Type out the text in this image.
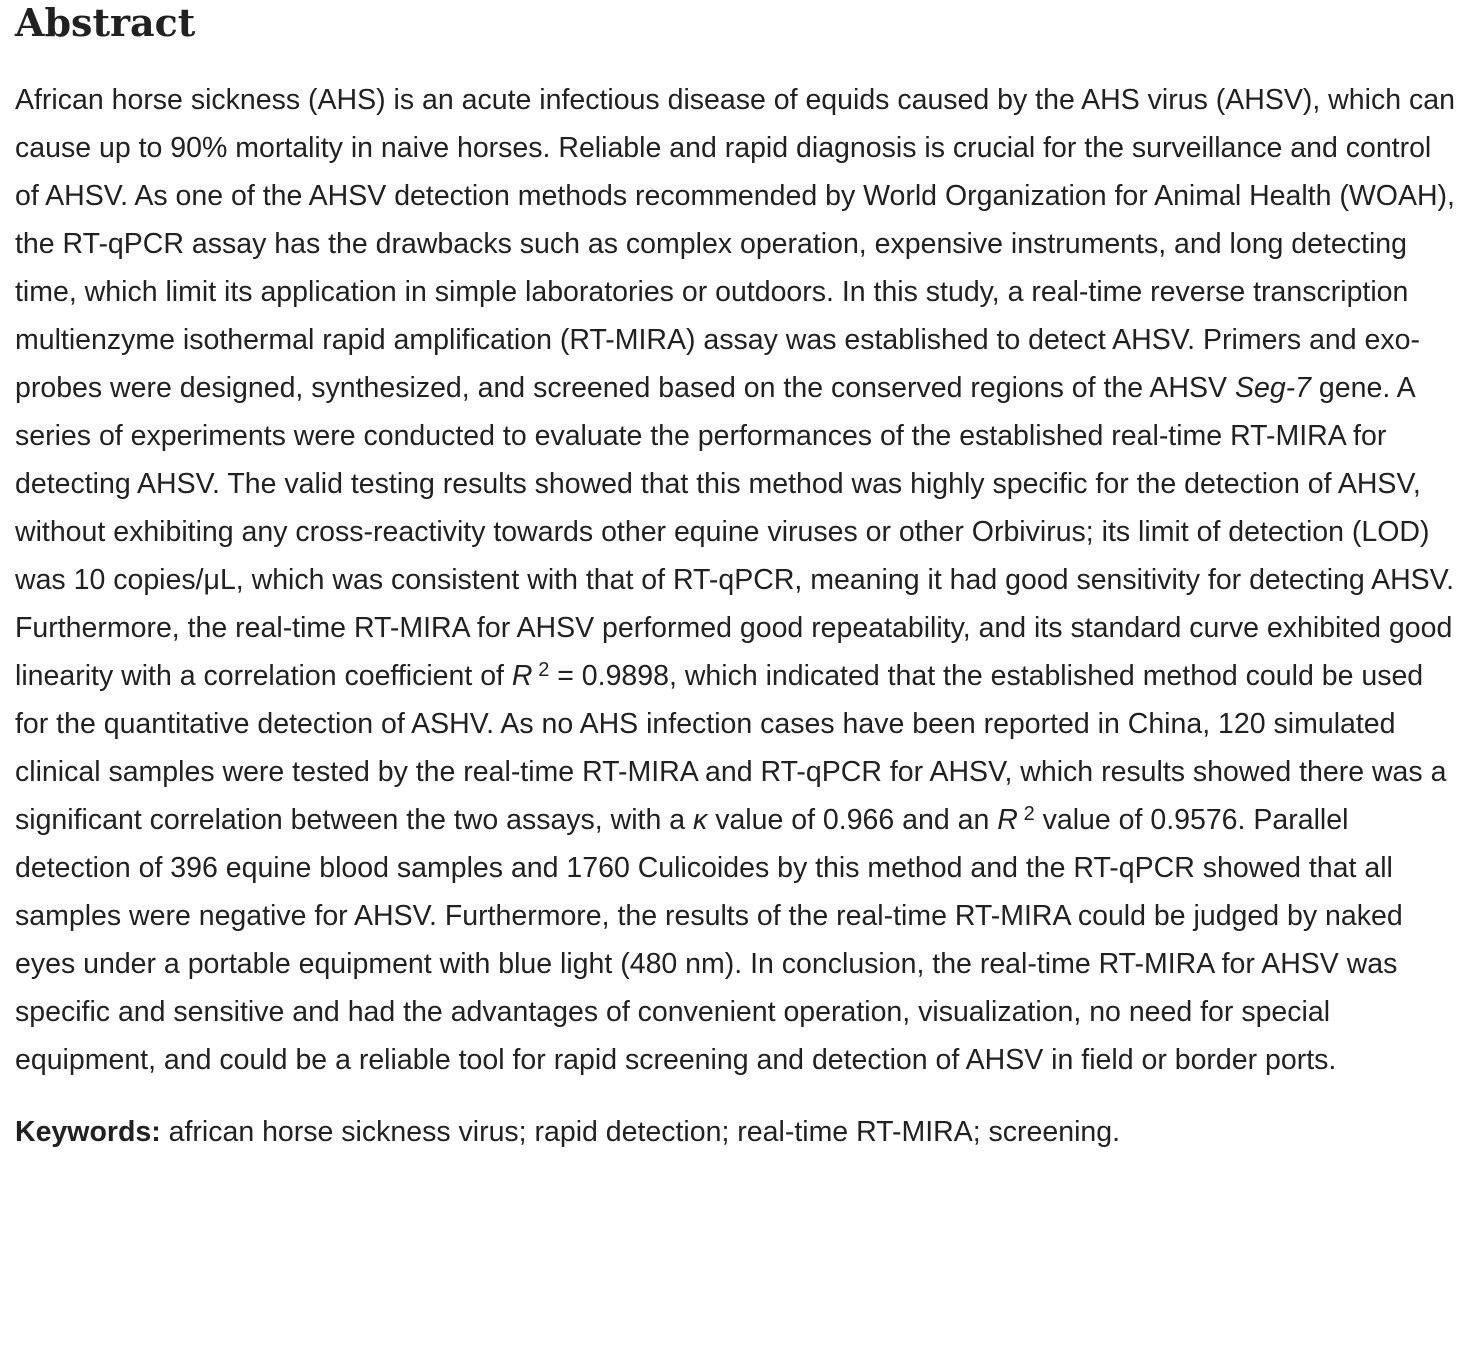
Abstract

African horse sickness (AHS) is an acute infectious disease of equids caused by the AHS virus (AHSV), which can cause up to 90% mortality in naive horses. Reliable and rapid diagnosis is crucial for the surveillance and control of AHSV. As one of the AHSV detection methods recommended by World Organization for Animal Health (WOAH), the RT-qPCR assay has the drawbacks such as complex operation, expensive instruments, and long detecting time, which limit its application in simple laboratories or outdoors. In this study, a real-time reverse transcription multienzyme isothermal rapid amplification (RT-MIRA) assay was established to detect AHSV. Primers and exo-probes were designed, synthesized, and screened based on the conserved regions of the AHSV Seg-7 gene. A series of experiments were conducted to evaluate the performances of the established real-time RT-MIRA for detecting AHSV. The valid testing results showed that this method was highly specific for the detection of AHSV, without exhibiting any cross-reactivity towards other equine viruses or other Orbivirus; its limit of detection (LOD) was 10 copies/μL, which was consistent with that of RT-qPCR, meaning it had good sensitivity for detecting AHSV. Furthermore, the real-time RT-MIRA for AHSV performed good repeatability, and its standard curve exhibited good linearity with a correlation coefficient of R  $^2$ = 0.9898, which indicated that the established method could be used for the quantitative detection of ASHV. As no AHS infection cases have been reported in China, 120 simulated clinical samples were tested by the real-time RT-MIRA and RT-qPCR for AHSV, which results showed there was a significant correlation between the two assays, with a κ value of 0.966 and an R  $^2$ value of 0.9576. Parallel detection of 396 equine blood samples and 1760 Culicoides by this method and the RT-qPCR showed that all samples were negative for AHSV. Furthermore, the results of the real-time RT-MIRA could be judged by naked eyes under a portable equipment with blue light (480 nm). In conclusion, the real-time RT-MIRA for AHSV was specific and sensitive and had the advantages of convenient operation, visualization, no need for special equipment, and could be a reliable tool for rapid screening and detection of AHSV in field or border ports.

Keywords: african horse sickness virus; rapid detection; real-time RT-MIRA; screening.
